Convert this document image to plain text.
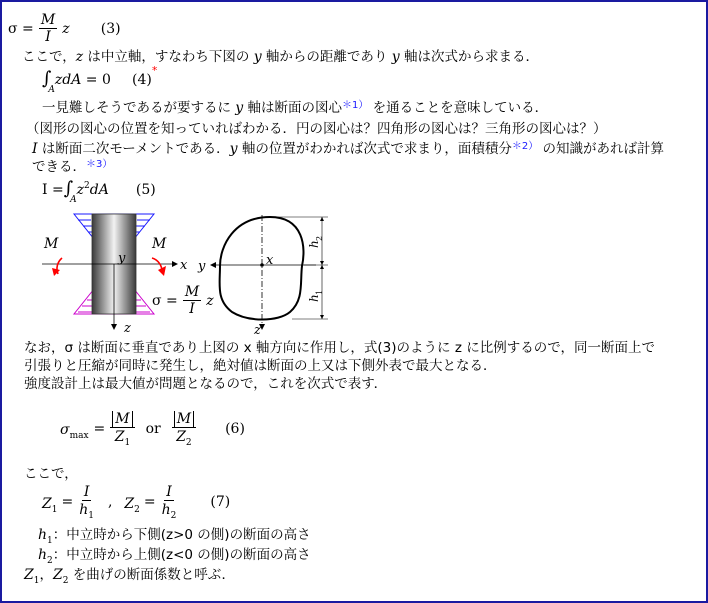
$\sigma = \frac{M}{I}$ z (3)
ここで，z は中立軸，すなわち下図の y 軸からの距離であり y 軸は次式から求まる．
$\int_AzdA = 0$ (4)*
一見難しそうであるが要するに y 軸は断面の図心$^{*1)}$ を通ることを意味している．
（図形の図心の位置を知っていればわかる．円の図心は？四角形の図心は？三角形の図心は？）
I は断面二次モーメントである．y 軸の位置がわかれば次式で求まり，面積積分$^{*2)}$ の知識があれば計算
できる．$^{*3)}$
$I =\int_Az^2dA$ (5)
M	M
y	x
z
$\sigma = \frac{M}{I}$ z
y	x
z
h
2
h
1
なお，σ は断面に垂直であり上図の x 軸方向に作用し，式(3)のように z に比例するので，同一断面上で
引張りと圧縮が同時に発生し，絶対値は断面の上又は下側外表で最大となる．
強度設計上は最大値が問題となるので，これを次式で表す．
$\sigma_{max} = \frac{M}{Z_1}$ or $\frac{M}{Z_2} (6)$
ここで，
$Z_1 = \frac{I}{h_1}$ , $Z_2 = \frac{I}{h_2} (7)$
$h_1$：中立時から下側(z>0 の側)の断面の高さ
$h_2$：中立時から上側(z<0 の側)の断面の高さ
$Z_1$，$Z_2$ を曲げの断面係数と呼ぶ．
